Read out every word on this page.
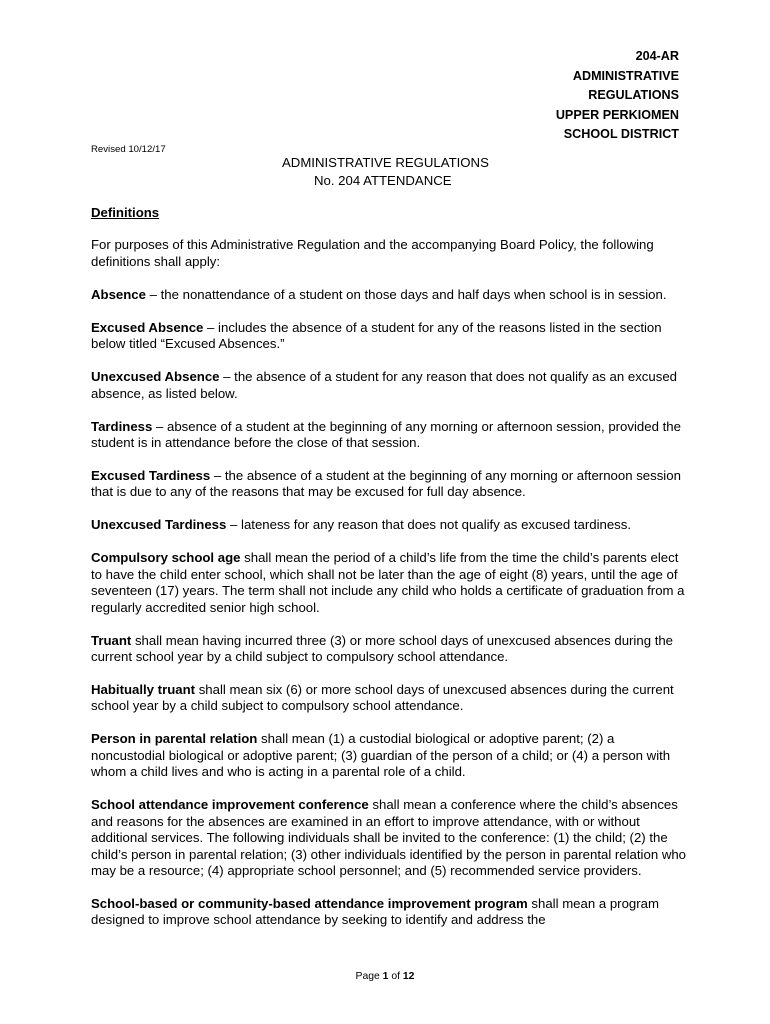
204-AR
ADMINISTRATIVE
REGULATIONS
UPPER PERKIOMEN
SCHOOL DISTRICT
Revised 10/12/17
ADMINISTRATIVE REGULATIONS
No. 204 ATTENDANCE
Definitions

For purposes of this Administrative Regulation and the accompanying Board Policy, the following definitions shall apply:

Absence – the nonattendance of a student on those days and half days when school is in session.

Excused Absence – includes the absence of a student for any of the reasons listed in the section below titled “Excused Absences.”

Unexcused Absence – the absence of a student for any reason that does not qualify as an excused absence, as listed below.

Tardiness – absence of a student at the beginning of any morning or afternoon session, provided the student is in attendance before the close of that session.

Excused Tardiness – the absence of a student at the beginning of any morning or afternoon session that is due to any of the reasons that may be excused for full day absence.

Unexcused Tardiness – lateness for any reason that does not qualify as excused tardiness.

Compulsory school age shall mean the period of a child’s life from the time the child’s parents elect to have the child enter school, which shall not be later than the age of eight (8) years, until the age of seventeen (17) years. The term shall not include any child who holds a certificate of graduation from a regularly accredited senior high school.

Truant shall mean having incurred three (3) or more school days of unexcused absences during the current school year by a child subject to compulsory school attendance.

Habitually truant shall mean six (6) or more school days of unexcused absences during the current school year by a child subject to compulsory school attendance.

Person in parental relation shall mean (1) a custodial biological or adoptive parent; (2) a noncustodial biological or adoptive parent; (3) guardian of the person of a child; or (4) a person with whom a child lives and who is acting in a parental role of a child.

School attendance improvement conference shall mean a conference where the child’s absences and reasons for the absences are examined in an effort to improve attendance, with or without additional services. The following individuals shall be invited to the conference: (1) the child; (2) the child’s person in parental relation; (3) other individuals identified by the person in parental relation who may be a resource; (4) appropriate school personnel; and (5) recommended service providers.

School-based or community-based attendance improvement program shall mean a program designed to improve school attendance by seeking to identify and address the

Page 1 of 12
